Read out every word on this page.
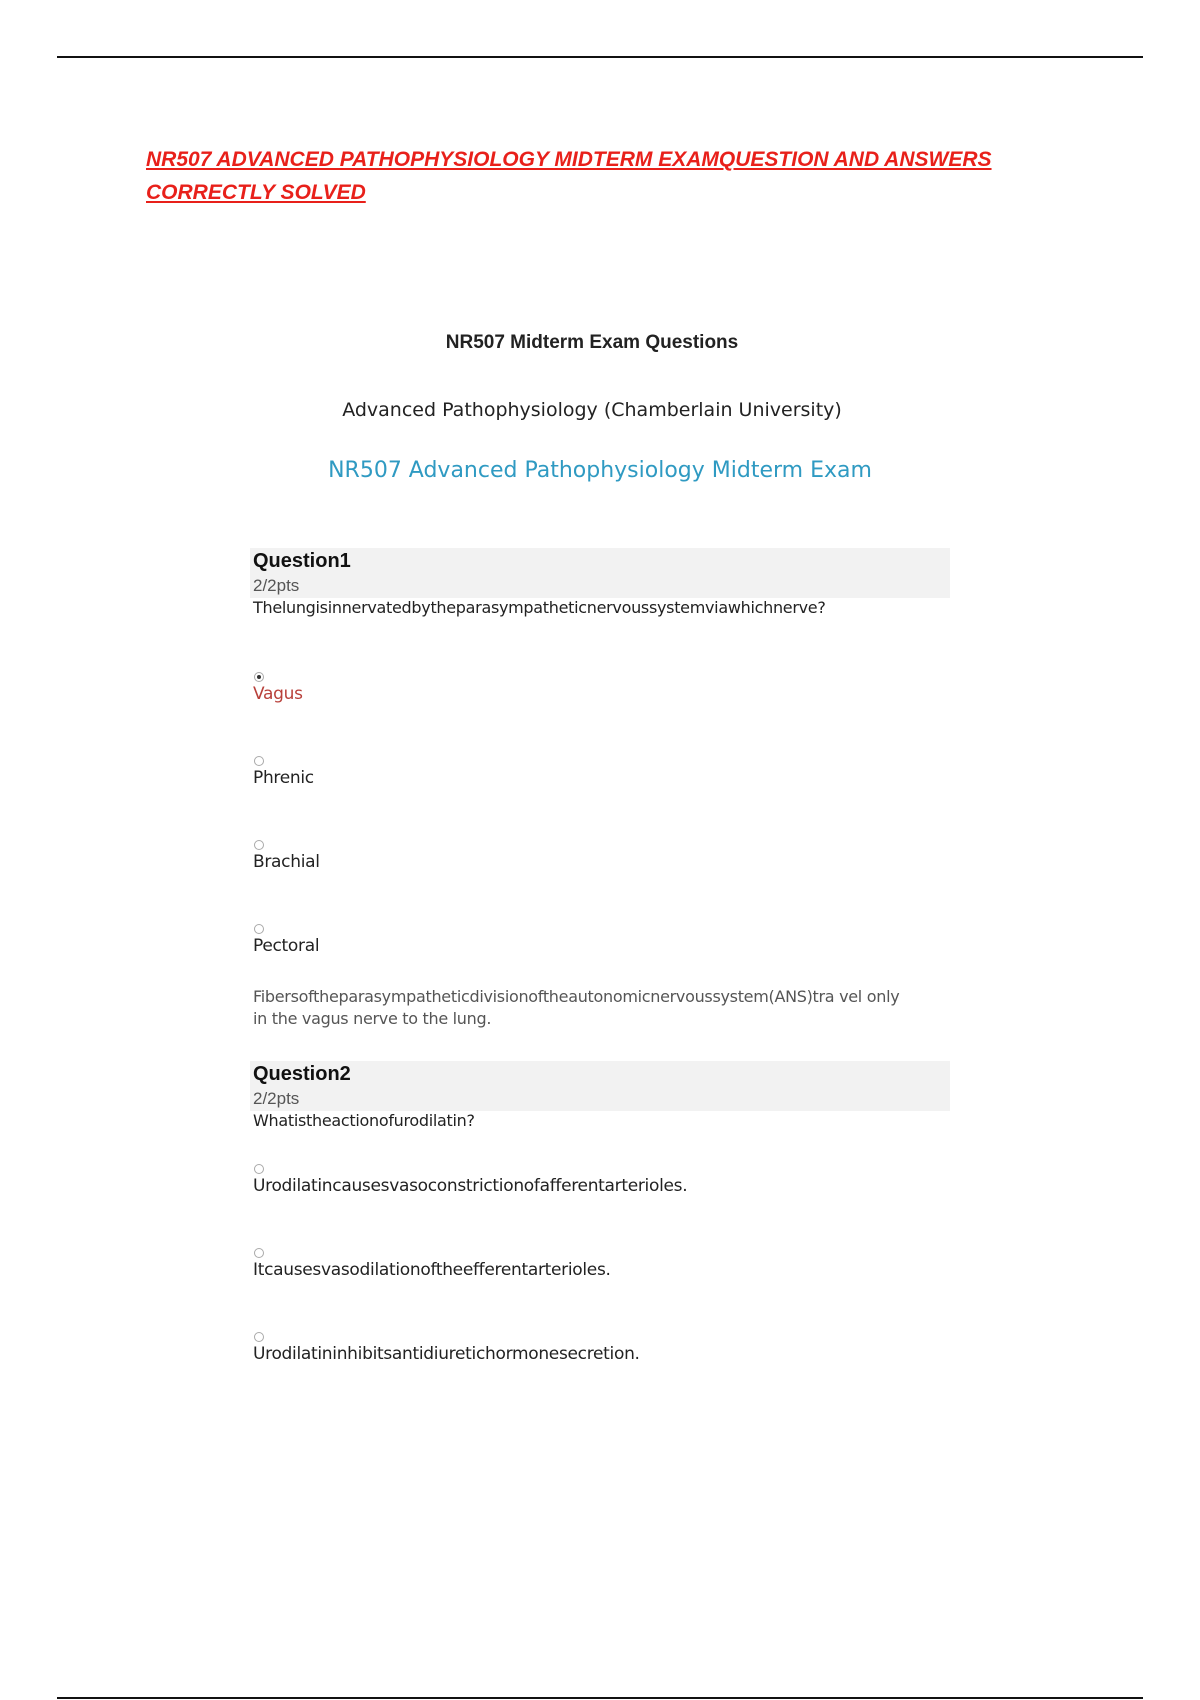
NR507 ADVANCED PATHOPHYSIOLOGY MIDTERM EXAMQUESTION AND ANSWERS CORRECTLY SOLVED
NR507 Midterm Exam Questions
Advanced Pathophysiology (Chamberlain University)
NR507 Advanced Pathophysiology Midterm Exam
Question1
2/2pts
Thelungisinnervatedbytheparasympatheticnervoussystemviawhichnerve?
Vagus
Phrenic
Brachial
Pectoral
Fibersoftheparasympatheticdivisionoftheautonomicnervoussystem(ANS)tra vel only in the vagus nerve to the lung.
Question2
2/2pts
Whatistheactionofurodilatin?
Urodilatincausesvasoconstrictionofafferentarterioles.
Itcausesvasodilationoftheefferentarterioles.
Urodilatininhibitsantidiuretichormonesecretion.
